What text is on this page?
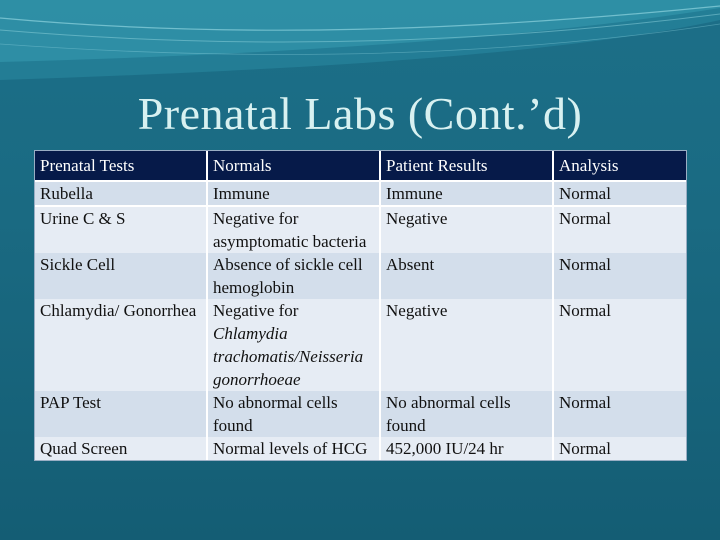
Prenatal Labs (Cont.’d)
Prenatal Tests	Normals	Patient Results	Analysis
Rubella	Immune	Immune	Normal
Urine C & S	Negative for asymptomatic bacteria	Negative	Normal
Sickle Cell	Absence of sickle cell hemoglobin	Absent	Normal
Chlamydia/ Gonorrhea	Negative for Chlamydia trachomatis/Neisseria gonorrhoeae	Negative	Normal
PAP Test	No abnormal cells found	No abnormal cells found	Normal
Quad Screen	Normal levels of HCG	452,000 IU/24 hr	Normal
